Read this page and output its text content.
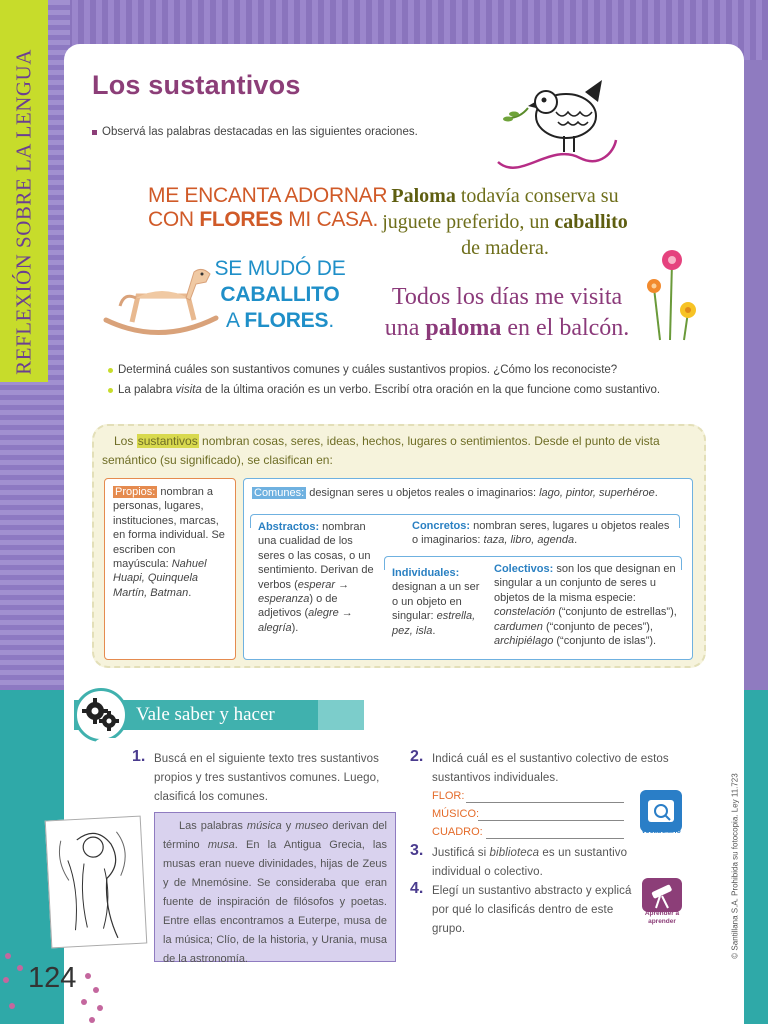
REFLEXIÓN SOBRE LA LENGUA Los sustantivos
Observá las palabras destacadas en las siguientes oraciones.
ME ENCANTA ADORNAR
CON FLORES MI CASA.
Paloma todavía conserva su juguete preferido, un caballito de madera.
SE MUDÓ DE
CABALLITO
A FLORES.
Todos los días me visita una paloma en el balcón.
Determiná cuáles son sustantivos comunes y cuáles sustantivos propios. ¿Cómo los reconociste?
La palabra visita de la última oración es un verbo. Escribí otra oración en la que funcione como sustantivo.
Los sustantivos nombran cosas, seres, ideas, hechos, lugares o sentimientos. Desde el punto de vista semántico (su significado), se clasifican en:
Propios: nombran a personas, lugares, instituciones, marcas, en forma individual. Se escriben con mayúscula: Nahuel Huapi, Quinquela Martín, Batman.
Comunes: designan seres u objetos reales o imaginarios: lago, pintor, superhéroe.
Abstractos: nombran una cualidad de los seres o las cosas, o un sentimiento. Derivan de verbos (esperar → esperanza) o de adjetivos (alegre → alegría).
Concretos: nombran seres, lugares u objetos reales o imaginarios: taza, libro, agenda.
Individuales: designan a un ser o un objeto en singular: estrella, pez, isla.
Colectivos: son los que designan en singular a un conjunto de seres u objetos de la misma especie: constelación (“conjunto de estrellas”), cardumen (“conjunto de peces”), archipiélago (“conjunto de islas”).
Vale saber y hacer
1. Buscá en el siguiente texto tres sustantivos propios y tres sustantivos comunes. Luego, clasificá los comunes.
Las palabras música y museo derivan del término musa. En la Antigua Grecia, las musas eran nueve divinidades, hijas de Zeus y de Mnemósine. Se consideraba que eran fuente de inspiración de filósofos y poetas. Entre ellas encontramos a Euterpe, musa de la música; Clío, de la historia, y Urania, musa de la astronomía.
2. Indicá cuál es el sustantivo colectivo de estos sustantivos individuales.
FLOR:
MÚSICO:
CUADRO:	Vocabulario
3. Justificá si biblioteca es un sustantivo individual o colectivo.
4. Elegí un sustantivo abstracto y explicá por qué lo clasificás dentro de este grupo.
Aprender a aprender
124
© Santillana S.A. Prohibida su fotocopia. Ley 11.723
